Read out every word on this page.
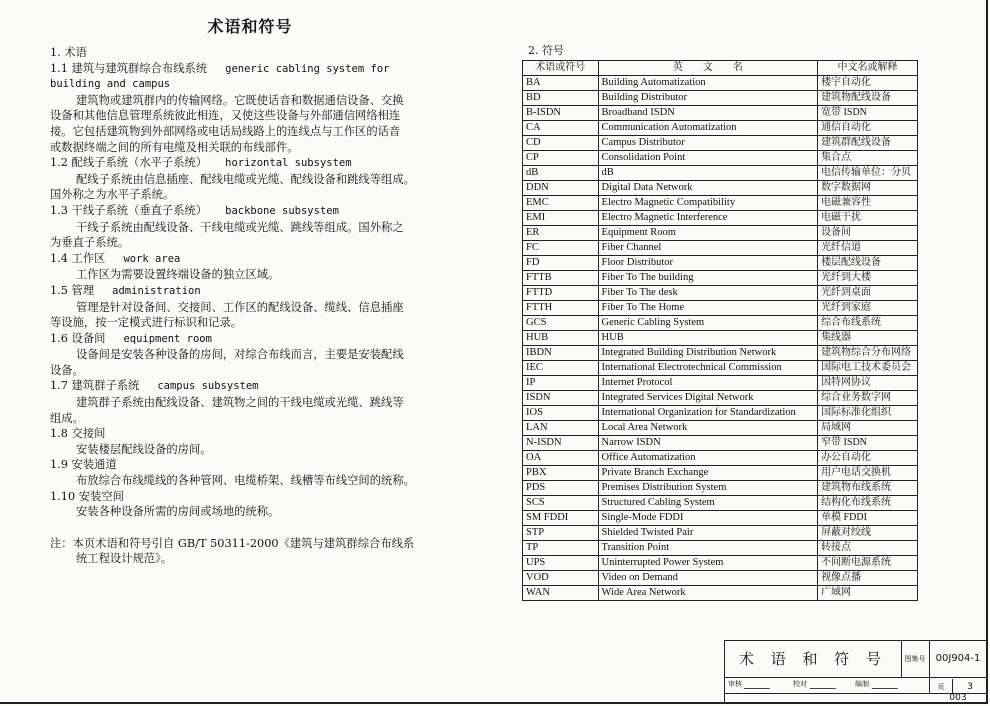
术语和符号

1. 术语

1.1 建筑与建筑群综合布线系统 generic cabling system for

building and campus

建筑物或建筑群内的传输网络。它既使话音和数据通信设备、交换

设备和其他信息管理系统彼此相连，又使这些设备与外部通信网络相连

接。它包括建筑物到外部网络或电话局线路上的连线点与工作区的话音

或数据终端之间的所有电缆及相关联的布线部件。

1.2 配线子系统（水平子系统） horizontal subsystem

配线子系统由信息插座、配线电缆或光缆、配线设备和跳线等组成。

国外称之为水平子系统。

1.3 干线子系统（垂直子系统） backbone subsystem

干线子系统由配线设备、干线电缆或光缆、跳线等组成。国外称之

为垂直子系统。

1.4 工作区 work area

工作区为需要设置终端设备的独立区域。

1.5 管理 administration

管理是针对设备间、交接间、工作区的配线设备、缆线、信息插座

等设施，按一定模式进行标识和记录。

1.6 设备间 equipment room

设备间是安装各种设备的房间，对综合布线而言，主要是安装配线

设备。

1.7 建筑群子系统 campus subsystem

建筑群子系统由配线设备、建筑物之间的干线电缆或光缆、跳线等

组成。

1.8 交接间

安装楼层配线设备的房间。

1.9 安装通道

布放综合布线缆线的各种管网、电缆桥架、线槽等布线空间的统称。

1.10 安装空间

安装各种设备所需的房间或场地的统称。

注：本页术语和符号引自 GB/T 50311-2000《建筑与建筑群综合布线系

统工程设计规范》。

2. 符号

术语或符号	英　　文　　名	中文名或解释
BA	Building Automatization	楼宇自动化
BD	Building Distributor	建筑物配线设备
B-ISDN	Broadband ISDN	宽带 ISDN
CA	Communication Automatization	通信自动化
CD	Campus Distributor	建筑群配线设备
CP	Consolidation Point	集合点
dB	dB	电信传输单位：分贝
DDN	Digital Data Network	数字数据网
EMC	Electro Magnetic Compatibility	电磁兼容性
EMI	Electro Magnetic Interference	电磁干扰
ER	Equipment Room	设备间
FC	Fiber Channel	光纤信道
FD	Floor Distributor	楼层配线设备
FTTB	Fiber To The building	光纤到大楼
FTTD	Fiber To The desk	光纤到桌面
FTTH	Fiber To The Home	光纤到家庭
GCS	Generic Cabling System	综合布线系统
HUB	HUB	集线器
IBDN	Integrated Building Distribution Network	建筑物综合分布网络
IEC	International Electrotechnical Commission	国际电工技术委员会
IP	Internet Protocol	因特网协议
ISDN	Integrated Services Digital Network	综合业务数字网
IOS	International Organization for Standardization	国际标准化组织
LAN	Local Area Network	局域网
N-ISDN	Narrow ISDN	窄带 ISDN
OA	Office Automatization	办公自动化
PBX	Private Branch Exchange	用户电话交换机
PDS	Premises Distribution System	建筑物布线系统
SCS	Structured Cabling System	结构化布线系统
SM FDDI	Single-Mode FDDI	单模 FDDI
STP	Shielded Twisted Pair	屏蔽对绞线
TP	Transition Point	转接点
UPS	Uninterrupted Power System	不间断电源系统
VOD	Video on Demand	视像点播
WAN	Wide Area Network	广域网
术 语 和 符 号	图集号	00J904-1
审核	校对	编制	页	3
003
